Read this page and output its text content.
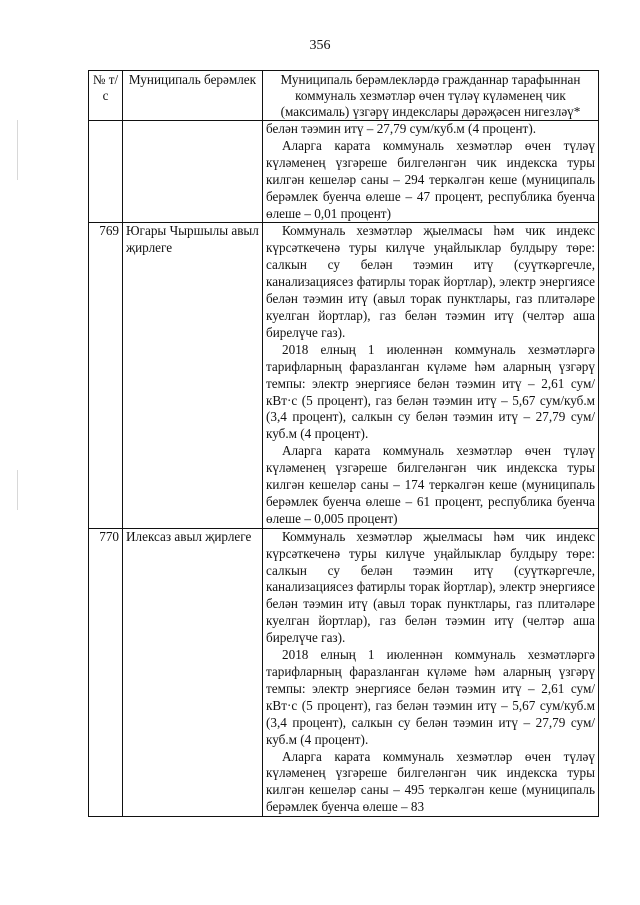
356
№ т/с	Муниципаль берәмлек	Муниципаль берәмлекләрдә гражданнар тарафыннан коммуналь хезмәтләр өчен түләү күләменең чик (максималь) үзгәрү индекслары дәрәҗәсен нигезләү*

		белән тәэмин итү – 27,79 сум/куб.м (4 процент).
Аларга карата коммуналь хезмәтләр өчен түләү күләменең үзгәреше билгеләнгән чик индекска туры килгән кешеләр саны – 294 теркәлгән кеше (муниципаль берәмлек буенча өлеше – 47 процент, республика буенча өлеше – 0,01 процент)

769	Югары Чыршылы авыл җирлеге	Коммуналь хезмәтләр җыелмасы һәм чик индекс күрсәткеченә туры килүче уңайлыклар булдыру төре: салкын су белән тәэмин итү (суүткәргечле, канализациясез фатирлы торак йортлар), электр энергиясе белән тәэмин итү (авыл торак пунктлары, газ плитәләре куелган йортлар), газ белән тәэмин итү (челтәр аша бирелүче газ).
2018 елның 1 июленнән коммуналь хезмәтләргә тарифларның фаразланган күләме һәм аларның үзгәрү темпы: электр энергиясе белән тәэмин итү – 2,61 сум/кВт·с (5 процент), газ белән тәэмин итү – 5,67 сум/куб.м (3,4 процент), салкын су белән тәэмин итү – 27,79 сум/куб.м (4 процент).
Аларга карата коммуналь хезмәтләр өчен түләү күләменең үзгәреше билгеләнгән чик индекска туры килгән кешеләр саны – 174 теркәлгән кеше (муниципаль берәмлек буенча өлеше – 61 процент, республика буенча өлеше – 0,005 процент)

770	Илексаз авыл җирлеге	Коммуналь хезмәтләр җыелмасы һәм чик индекс күрсәткеченә туры килүче уңайлыклар булдыру төре: салкын су белән тәэмин итү (суүткәргечле, канализациясез фатирлы торак йортлар), электр энергиясе белән тәэмин итү (авыл торак пунктлары, газ плитәләре куелган йортлар), газ белән тәэмин итү (челтәр аша бирелүче газ).
2018 елның 1 июленнән коммуналь хезмәтләргә тарифларның фаразланган күләме һәм аларның үзгәрү темпы: электр энергиясе белән тәэмин итү – 2,61 сум/кВт·с (5 процент), газ белән тәэмин итү – 5,67 сум/куб.м (3,4 процент), салкын су белән тәэмин итү – 27,79 сум/куб.м (4 процент).
Аларга карата коммуналь хезмәтләр өчен түләү күләменең үзгәреше билгеләнгән чик индекска туры килгән кешеләр саны – 495 теркәлгән кеше (муниципаль берәмлек буенча өлеше – 83
